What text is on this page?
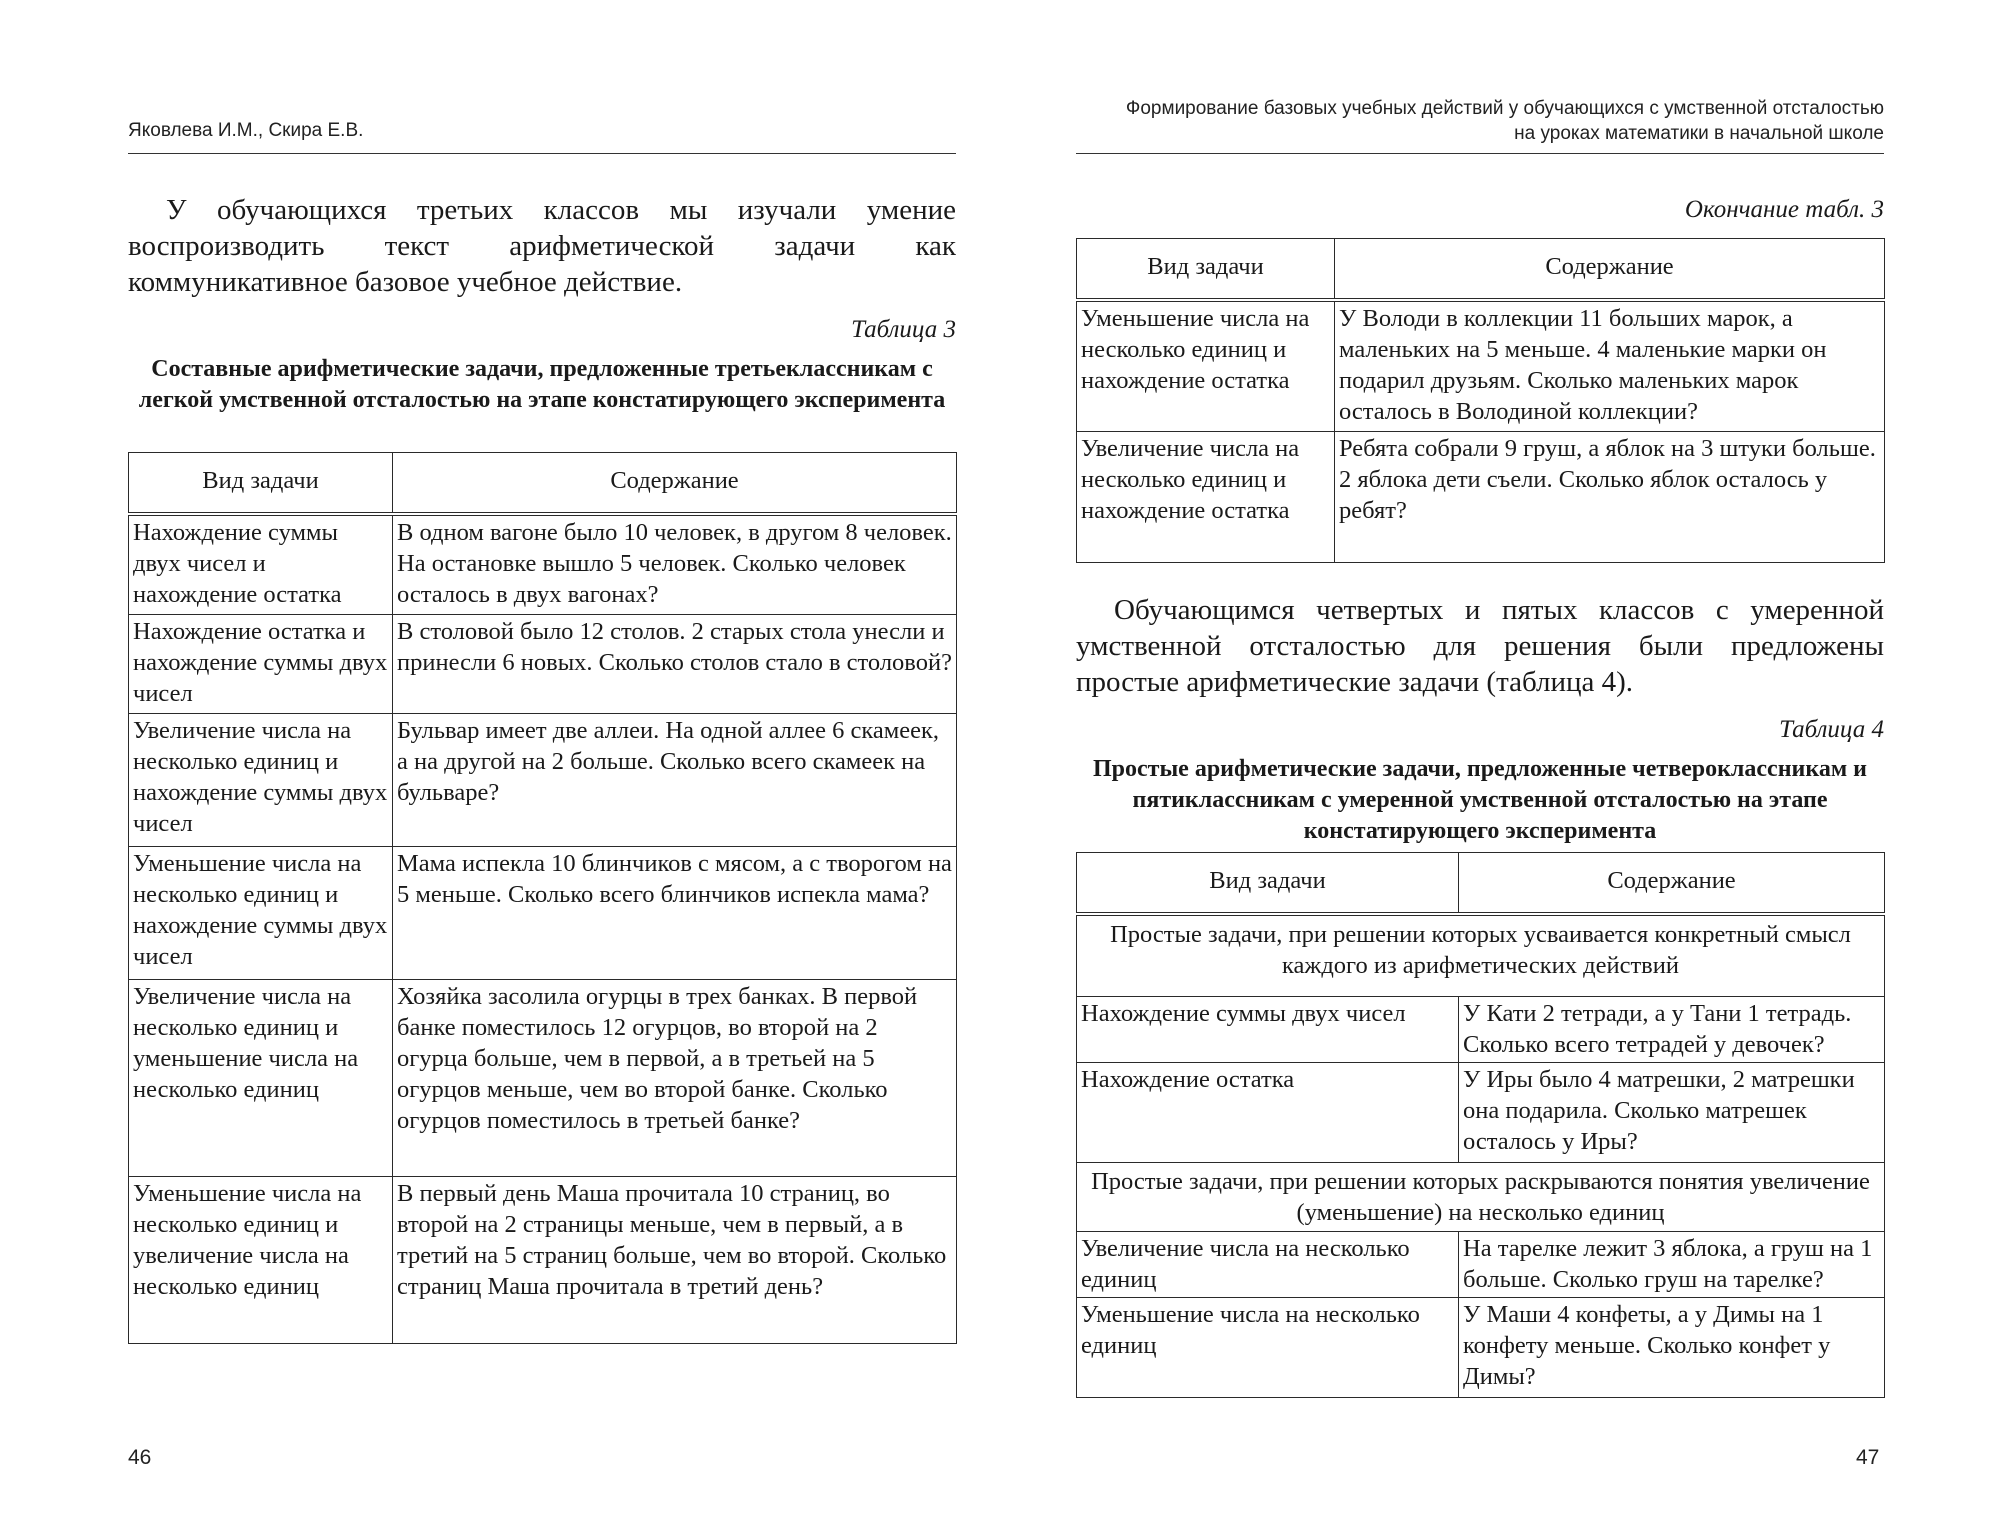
Яковлева И.М., Скира Е.В.

У обучающихся третьих классов мы изучали умение воспроизводить текст арифметической задачи как коммуникативное базовое учебное действие.

Таблица 3
Составные арифметические задачи, предложенные третьеклассникам с легкой умственной отсталостью на этапе констатирующего эксперимента
Вид задачи	Содержание
Нахождение суммы двух чисел и нахождение остатка	В одном вагоне было 10 человек, в другом 8 человек. На остановке вышло 5 человек. Сколько человек осталось в двух вагонах?
Нахождение остатка и нахождение суммы двух чисел	В столовой было 12 столов. 2 старых стола унесли и принесли 6 новых. Сколько столов стало в столовой?
Увеличение числа на несколько единиц и нахождение суммы двух чисел	Бульвар имеет две аллеи. На одной аллее 6 скамеек, а на другой на 2 больше. Сколько всего скамеек на бульваре?
Уменьшение числа на несколько единиц и нахождение суммы двух чисел	Мама испекла 10 блинчиков с мясом, а с творогом на 5 меньше. Сколько всего блинчиков испекла мама?
Увеличение числа на несколько единиц и уменьшение числа на несколько единиц	Хозяйка засолила огурцы в трех банках. В первой банке поместилось 12 огурцов, во второй на 2 огурца больше, чем в первой, а в третьей на 5 огурцов меньше, чем во второй банке. Сколько огурцов поместилось в третьей банке?
Уменьшение числа на несколько единиц и увеличение числа на несколько единиц	В первый день Маша прочитала 10 страниц, во второй на 2 страницы меньше, чем в первый, а в третий на 5 страниц больше, чем во второй. Сколько страниц Маша прочитала в третий день?
46
Формирование базовых учебных действий у обучающихся с умственной отсталостью
на уроках математики в начальной школе
Окончание табл. 3
Вид задачи	Содержание
Уменьшение числа на несколько единиц и нахождение остатка	У Володи в коллекции 11 больших марок, а маленьких на 5 меньше. 4 маленькие марки он подарил друзьям. Сколько маленьких марок осталось в Володиной коллекции?
Увеличение числа на несколько единиц и нахождение остатка	Ребята собрали 9 груш, а яблок на 3 штуки больше. 2 яблока дети съели. Сколько яблок осталось у ребят?

Обучающимся четвертых и пятых классов с умеренной умственной отсталостью для решения были предложены простые арифметические задачи (таблица 4).

Таблица 4
Простые арифметические задачи, предложенные четвероклассникам и пятиклассникам с умеренной умственной отсталостью на этапе констатирующего эксперимента
Вид задачи	Содержание
Простые задачи, при решении которых усваивается конкретный смысл каждого из арифметических действий	
Нахождение суммы двух чисел	У Кати 2 тетради, а у Тани 1 тетрадь. Сколько всего тетрадей у девочек?
Нахождение остатка	У Иры было 4 матрешки, 2 матрешки она подарила. Сколько матрешек осталось у Иры?
Простые задачи, при решении которых раскрываются понятия увеличение (уменьшение) на несколько единиц	
Увеличение числа на несколько единиц	На тарелке лежит 3 яблока, а груш на 1 больше. Сколько груш на тарелке?
Уменьшение числа на несколько единиц	У Маши 4 конфеты, а у Димы на 1 конфету меньше. Сколько конфет у Димы?
47
